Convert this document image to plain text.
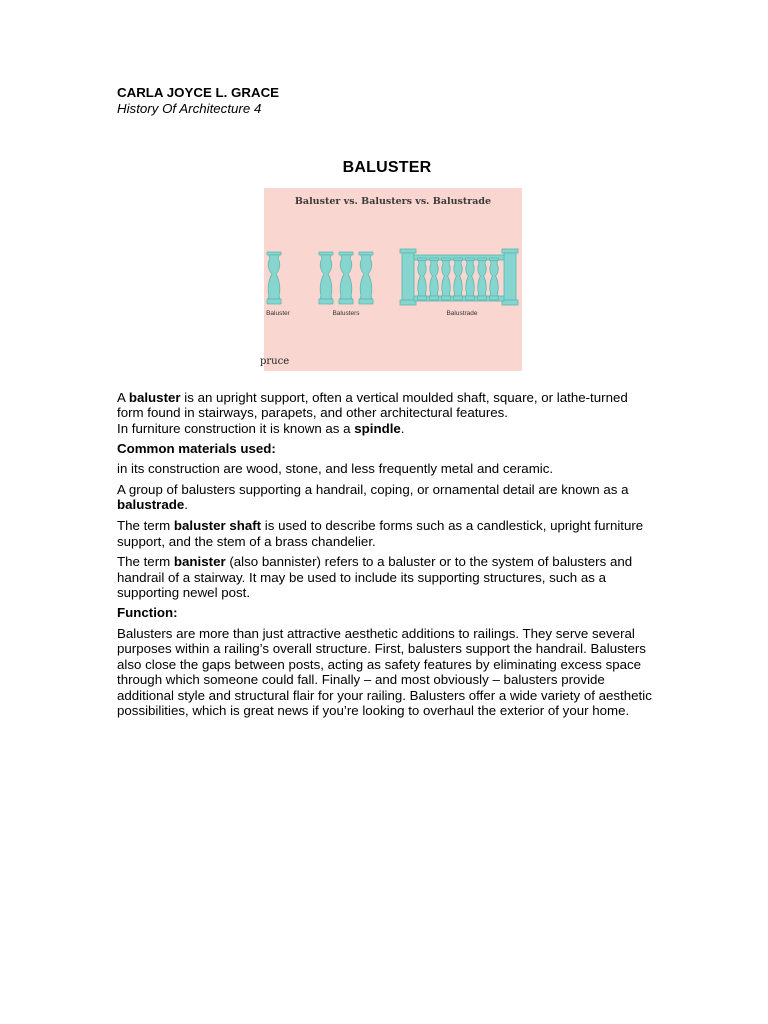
CARLA JOYCE L. GRACE

History Of Architecture 4

BALUSTER
Baluster vs. Balusters vs. Balustrade
Baluster	Balusters	Balustrade
pruce

A baluster is an upright support, often a vertical moulded shaft, square, or lathe-turned form found in stairways, parapets, and other architectural features.
In furniture construction it is known as a spindle.

Common materials used:

in its construction are wood, stone, and less frequently metal and ceramic.

A group of balusters supporting a handrail, coping, or ornamental detail are known as a balustrade.

The term baluster shaft is used to describe forms such as a candlestick, upright furniture support, and the stem of a brass chandelier.

The term banister (also bannister) refers to a baluster or to the system of balusters and handrail of a stairway. It may be used to include its supporting structures, such as a supporting newel post.

Function:

Balusters are more than just attractive aesthetic additions to railings. They serve several purposes within a railing’s overall structure. First, balusters support the handrail. Balusters also close the gaps between posts, acting as safety features by eliminating excess space through which someone could fall. Finally – and most obviously – balusters provide additional style and structural flair for your railing. Balusters offer a wide variety of aesthetic possibilities, which is great news if you’re looking to overhaul the exterior of your home.
